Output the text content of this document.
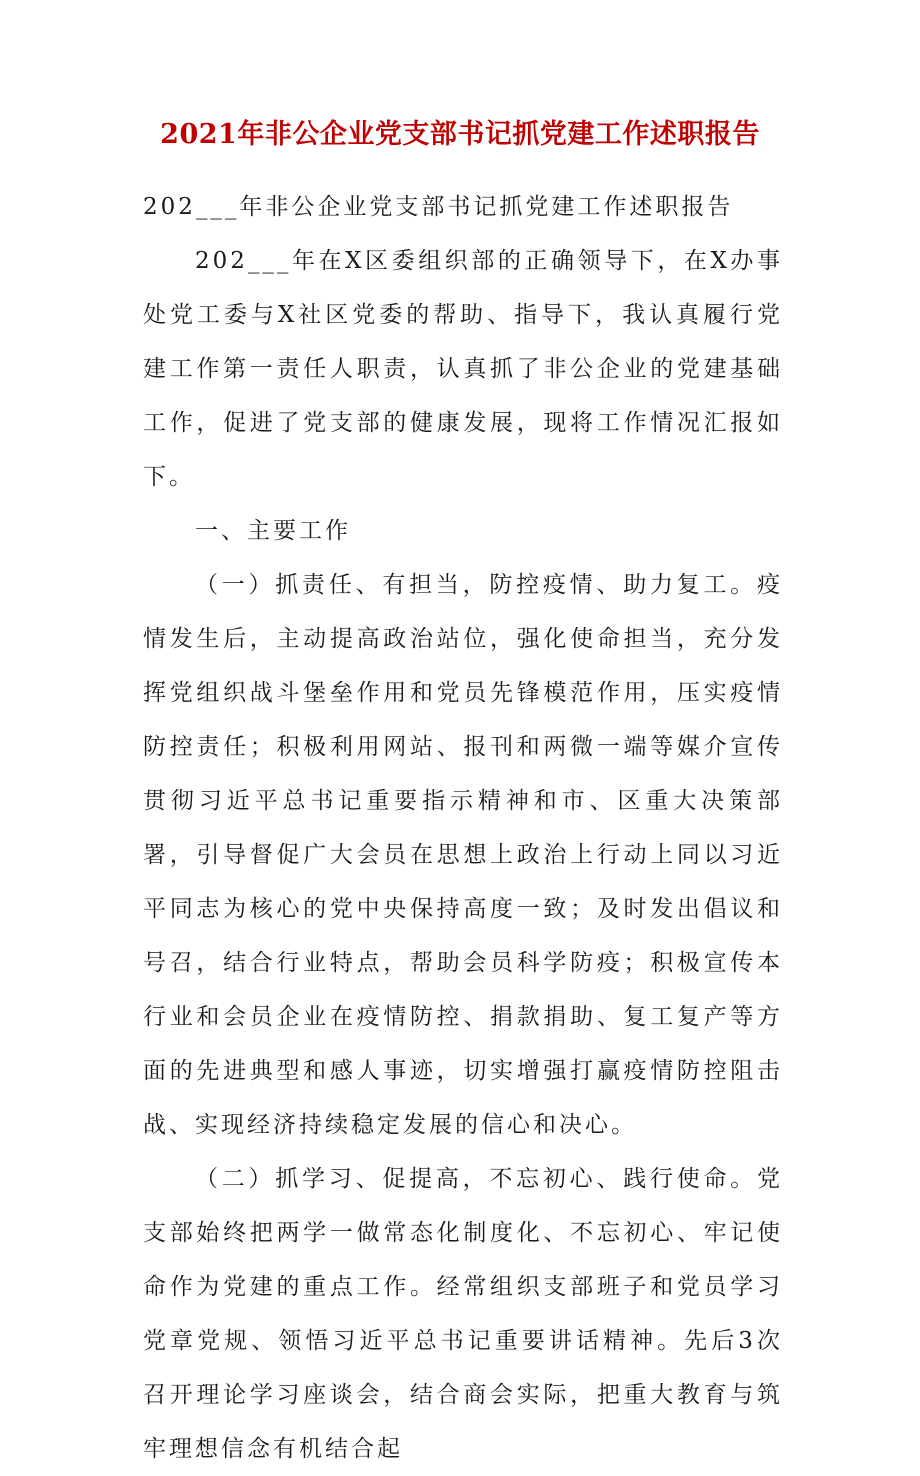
2021年非公企业党支部书记抓党建工作述职报告

202___年非公企业党支部书记抓党建工作述职报告

202___年在X区委组织部的正确领导下，在X办事处党工委与X社区党委的帮助、指导下，我认真履行党建工作第一责任人职责，认真抓了非公企业的党建基础工作，促进了党支部的健康发展，现将工作情况汇报如下。

一、主要工作

（一）抓责任、有担当，防控疫情、助力复工。疫情发生后，主动提高政治站位，强化使命担当，充分发挥党组织战斗堡垒作用和党员先锋模范作用，压实疫情防控责任；积极利用网站、报刊和两微一端等媒介宣传贯彻习近平总书记重要指示精神和市、区重大决策部署，引导督促广大会员在思想上政治上行动上同以习近平同志为核心的党中央保持高度一致；及时发出倡议和号召，结合行业特点，帮助会员科学防疫；积极宣传本行业和会员企业在疫情防控、捐款捐助、复工复产等方面的先进典型和感人事迹，切实增强打赢疫情防控阻击战、实现经济持续稳定发展的信心和决心。

（二）抓学习、促提高，不忘初心、践行使命。党支部始终把两学一做常态化制度化、不忘初心、牢记使命作为党建的重点工作。经常组织支部班子和党员学习党章党规、领悟习近平总书记重要讲话精神。先后3次召开理论学习座谈会，结合商会实际，把重大教育与筑牢理想信念有机结合起
